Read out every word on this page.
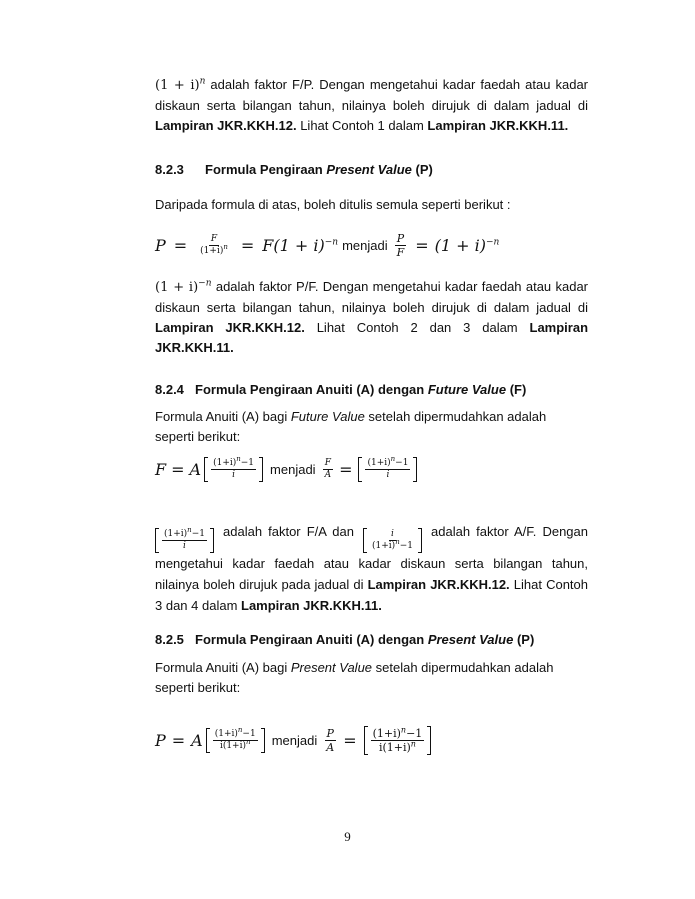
$(1 + i)^n$ adalah faktor F/P. Dengan mengetahui kadar faedah atau kadar diskaun serta bilangan tahun, nilainya boleh dirujuk di dalam jadual di Lampiran JKR.KKH.12. Lihat Contoh 1 dalam Lampiran JKR.KKH.11.
8.2.3 Formula Pengiraan Present Value (P)
Daripada formula di atas, boleh ditulis semula seperti berikut :
$P = \frac{F}{(1+i)^n} = F(1 + i)^{-n}$ menjadi $\frac{P}{F} = (1 + i)^{-n}$
$(1 + i)^{-n}$ adalah faktor P/F. Dengan mengetahui kadar faedah atau kadar diskaun serta bilangan tahun, nilainya boleh dirujuk di dalam jadual di Lampiran JKR.KKH.12. Lihat Contoh 2 dan 3 dalam Lampiran JKR.KKH.11.
8.2.4 Formula Pengiraan Anuiti (A) dengan Future Value (F)
Formula Anuiti (A) bagi Future Value setelah dipermudahkan adalah seperti berikut:
F = A $\frac{(1+i)^n-1}{i}$ menjadi $\frac{F}{A} = \frac{(1+i)^n-1}{i}$
$\frac{(1+i)^n-1}{i}$ adalah faktor F/A dan $\frac{i}{(1+i)^n-1}$ adalah faktor A/F. Dengan mengetahui kadar faedah atau kadar diskaun serta bilangan tahun, nilainya boleh dirujuk pada jadual di Lampiran JKR.KKH.12. Lihat Contoh 3 dan 4 dalam Lampiran JKR.KKH.11.
8.2.5 Formula Pengiraan Anuiti (A) dengan Present Value (P)
Formula Anuiti (A) bagi Present Value setelah dipermudahkan adalah seperti berikut:
P = A $\frac{(1+i)^n-1}{i(1+i)^n}$ menjadi $\frac{P}{A} = \frac{(1+i)^n-1}{i(1+i)^n}$
9
